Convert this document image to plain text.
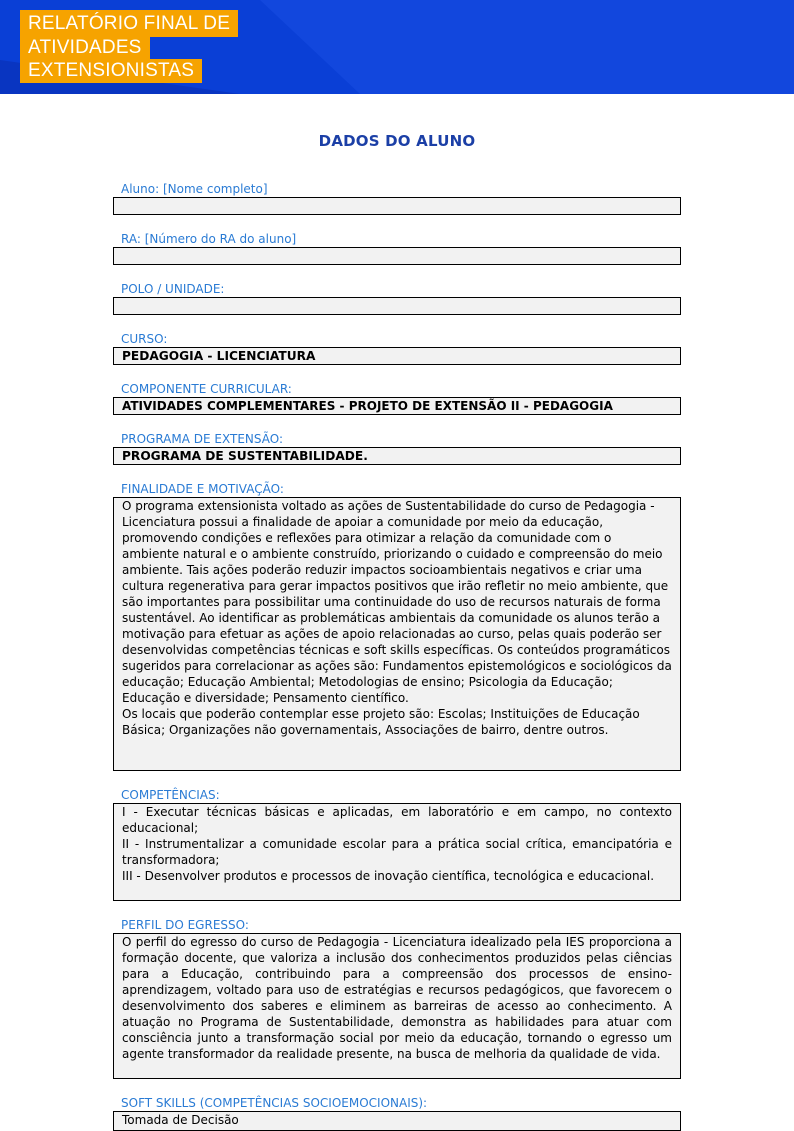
RELATÓRIO FINAL DE
ATIVIDADES
EXTENSIONISTAS
DADOS DO ALUNO
Aluno: [Nome completo]
RA: [Número do RA do aluno]
POLO / UNIDADE:
CURSO:
PEDAGOGIA - LICENCIATURA
COMPONENTE CURRICULAR:
ATIVIDADES COMPLEMENTARES - PROJETO DE EXTENSÃO II - PEDAGOGIA
PROGRAMA DE EXTENSÃO:
PROGRAMA DE SUSTENTABILIDADE.
FINALIDADE E MOTIVAÇÃO:

O programa extensionista voltado as ações de Sustentabilidade do curso de Pedagogia - Licenciatura possui a finalidade de apoiar a comunidade por meio da educação, promovendo condições e reflexões para otimizar a relação da comunidade com o ambiente natural e o ambiente construído, priorizando o cuidado e compreensão do meio ambiente. Tais ações poderão reduzir impactos socioambientais negativos e criar uma cultura regenerativa para gerar impactos positivos que irão refletir no meio ambiente, que são importantes para possibilitar uma continuidade do uso de recursos naturais de forma sustentável. Ao identificar as problemáticas ambientais da comunidade os alunos terão a motivação para efetuar as ações de apoio relacionadas ao curso, pelas quais poderão ser desenvolvidas competências técnicas e soft skills específicas. Os conteúdos programáticos sugeridos para correlacionar as ações são: Fundamentos epistemológicos e sociológicos da educação; Educação Ambiental; Metodologias de ensino; Psicologia da Educação; Educação e diversidade; Pensamento científico.

Os locais que poderão contemplar esse projeto são: Escolas; Instituições de Educação Básica; Organizações não governamentais, Associações de bairro, dentre outros.

COMPETÊNCIAS:

I - Executar técnicas básicas e aplicadas, em laboratório e em campo, no contexto educacional;

II - Instrumentalizar a comunidade escolar para a prática social crítica, emancipatória e transformadora;

III - Desenvolver produtos e processos de inovação científica, tecnológica e educacional.

PERFIL DO EGRESSO:

O perfil do egresso do curso de Pedagogia - Licenciatura idealizado pela IES proporciona a formação docente, que valoriza a inclusão dos conhecimentos produzidos pelas ciências para a Educação, contribuindo para a compreensão dos processos de ensino-aprendizagem, voltado para uso de estratégias e recursos pedagógicos, que favorecem o desenvolvimento dos saberes e eliminem as barreiras de acesso ao conhecimento. A atuação no Programa de Sustentabilidade, demonstra as habilidades para atuar com consciência junto a transformação social por meio da educação, tornando o egresso um agente transformador da realidade presente, na busca de melhoria da qualidade de vida.

SOFT SKILLS (COMPETÊNCIAS SOCIOEMOCIONAIS):

Tomada de Decisão
